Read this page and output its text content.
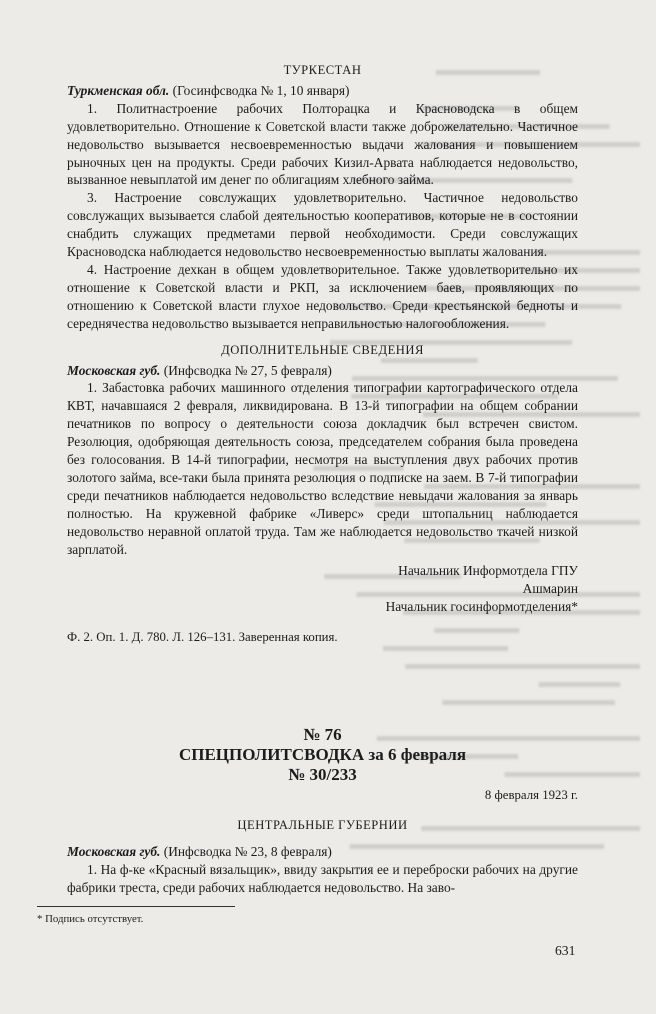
ТУРКЕСТАН
Туркменская обл. (Госинфсводка № 1, 10 января)

1. Политнастроение рабочих Полторацка и Красноводска в общем удовлетворительно. Отношение к Советской власти также доброжелательно. Частичное недовольство вызывается несвоевременностью выдачи жалования и повышением рыночных цен на продукты. Среди рабочих Кизил-Арвата наблюдается недовольство, вызванное невыплатой им денег по облигациям хлебного займа.

3. Настроение совслужащих удовлетворительно. Частичное недовольство совслужащих вызывается слабой деятельностью кооперативов, которые не в состоянии снабдить служащих предметами первой необходимости. Среди совслужащих Красноводска наблюдается недовольство несвоевременностью выплаты жалования.

4. Настроение дехкан в общем удовлетворительное. Также удовлетворительно их отношение к Советской власти и РКП, за исключением баев, проявляющих по отношению к Советской власти глухое недовольство. Среди крестьянской бедноты и середнячества недовольство вызывается неправильностью налогообложения.

ДОПОЛНИТЕЛЬНЫЕ СВЕДЕНИЯ
Московская губ. (Инфсводка № 27, 5 февраля)

1. Забастовка рабочих машинного отделения типографии картографического отдела КВТ, начавшаяся 2 февраля, ликвидирована. В 13-й типографии на общем собрании печатников по вопросу о деятельности союза докладчик был встречен свистом. Резолюция, одобряющая деятельность союза, председателем собрания была проведена без голосования. В 14-й типографии, несмотря на выступления двух рабочих против золотого займа, все-таки была принята резолюция о подписке на заем. В 7-й типографии среди печатников наблюдается недовольство вследствие невыдачи жалования за январь полностью. На кружевной фабрике «Ливерс» среди штопальниц наблюдается недовольство неравной оплатой труда. Там же наблюдается недовольство ткачей низкой зарплатой.

Начальник Информотдела ГПУ
Ашмарин
Начальник госинформотделения*
Ф. 2. Оп. 1. Д. 780. Л. 126–131. Заверенная копия.
№ 76
СПЕЦПОЛИТСВОДКА за 6 февраля
№ 30/233
8 февраля 1923 г.
ЦЕНТРАЛЬНЫЕ ГУБЕРНИИ
Московская губ. (Инфсводка № 23, 8 февраля)

1. На ф-ке «Красный вязальщик», ввиду закрытия ее и переброски рабочих на другие фабрики треста, среди рабочих наблюдается недовольство. На заво-

* Подпись отсутствует.
631
